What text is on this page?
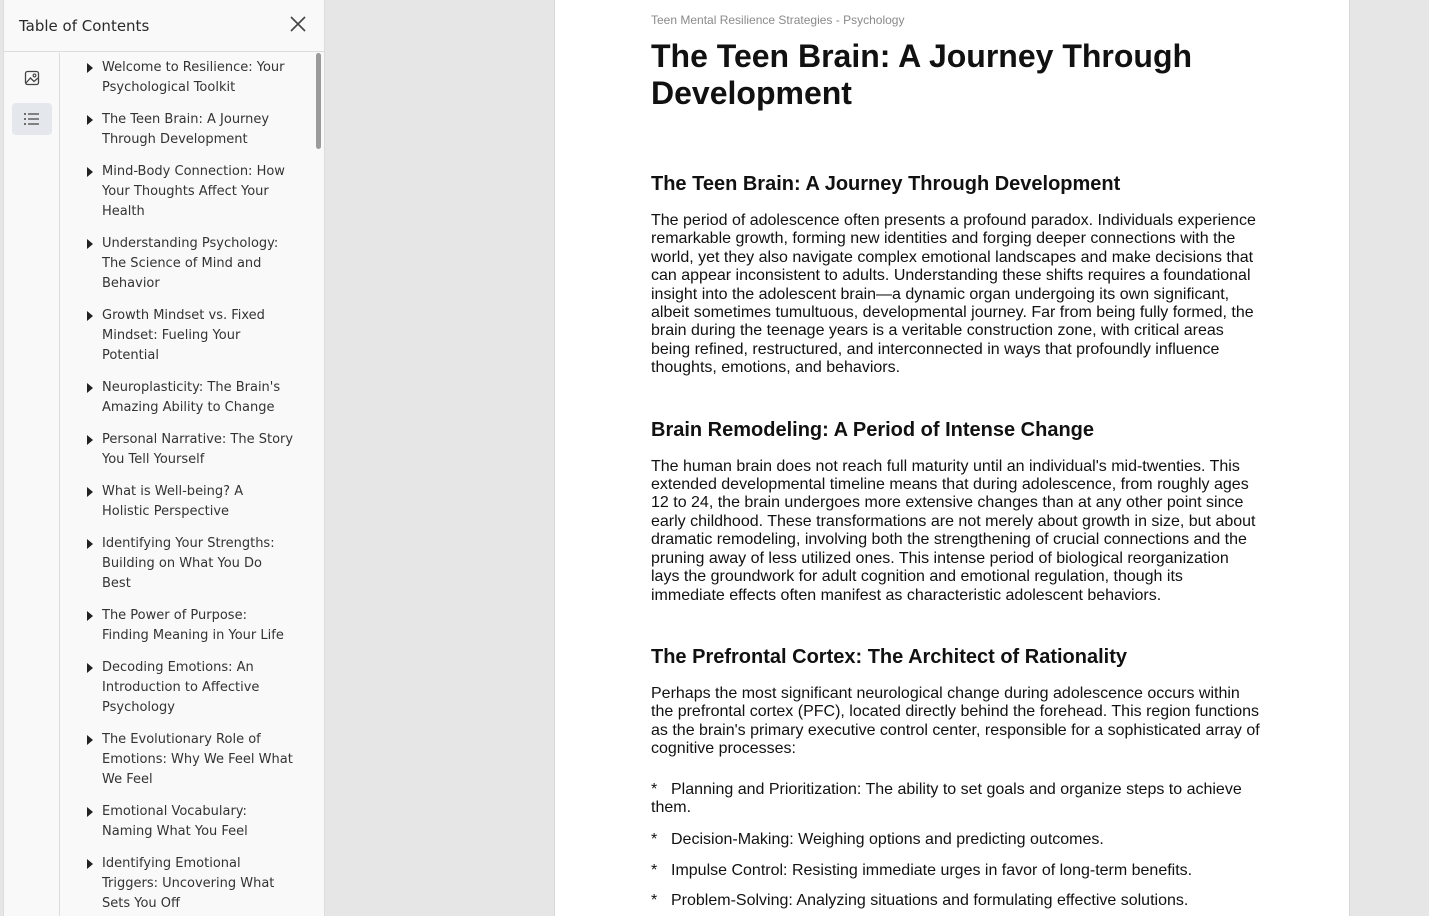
Table of Contents
Welcome to Resilience: Your Psychological Toolkit
The Teen Brain: A Journey Through Development
Mind-Body Connection: How Your Thoughts Affect Your Health
Understanding Psychology: The Science of Mind and Behavior
Growth Mindset vs. Fixed Mindset: Fueling Your Potential
Neuroplasticity: The Brain's Amazing Ability to Change
Personal Narrative: The Story You Tell Yourself
What is Well-being? A Holistic Perspective
Identifying Your Strengths: Building on What You Do Best
The Power of Purpose: Finding Meaning in Your Life
Decoding Emotions: An Introduction to Affective Psychology
The Evolutionary Role of Emotions: Why We Feel What We Feel
Emotional Vocabulary: Naming What You Feel
Identifying Emotional Triggers: Uncovering What Sets You Off
Teen Mental Resilience Strategies - Psychology
The Teen Brain: A Journey Through Development
The Teen Brain: A Journey Through Development

The period of adolescence often presents a profound paradox. Individuals experience remarkable growth, forming new identities and forging deeper connections with the world, yet they also navigate complex emotional landscapes and make decisions that can appear inconsistent to adults. Understanding these shifts requires a foundational insight into the adolescent brain—a dynamic organ undergoing its own significant, albeit sometimes tumultuous, developmental journey. Far from being fully formed, the brain during the teenage years is a veritable construction zone, with critical areas being refined, restructured, and interconnected in ways that profoundly influence thoughts, emotions, and behaviors.

Brain Remodeling: A Period of Intense Change

The human brain does not reach full maturity until an individual's mid-twenties. This extended developmental timeline means that during adolescence, from roughly ages 12 to 24, the brain undergoes more extensive changes than at any other point since early childhood. These transformations are not merely about growth in size, but about dramatic remodeling, involving both the strengthening of crucial connections and the pruning away of less utilized ones. This intense period of biological reorganization lays the groundwork for adult cognition and emotional regulation, though its immediate effects often manifest as characteristic adolescent behaviors.

The Prefrontal Cortex: The Architect of Rationality

Perhaps the most significant neurological change during adolescence occurs within the prefrontal cortex (PFC), located directly behind the forehead. This region functions as the brain's primary executive control center, responsible for a sophisticated array of cognitive processes:

* Planning and Prioritization: The ability to set goals and organize steps to achieve them.
* Decision-Making: Weighing options and predicting outcomes.
* Impulse Control: Resisting immediate urges in favor of long-term benefits.
* Problem-Solving: Analyzing situations and formulating effective solutions.
